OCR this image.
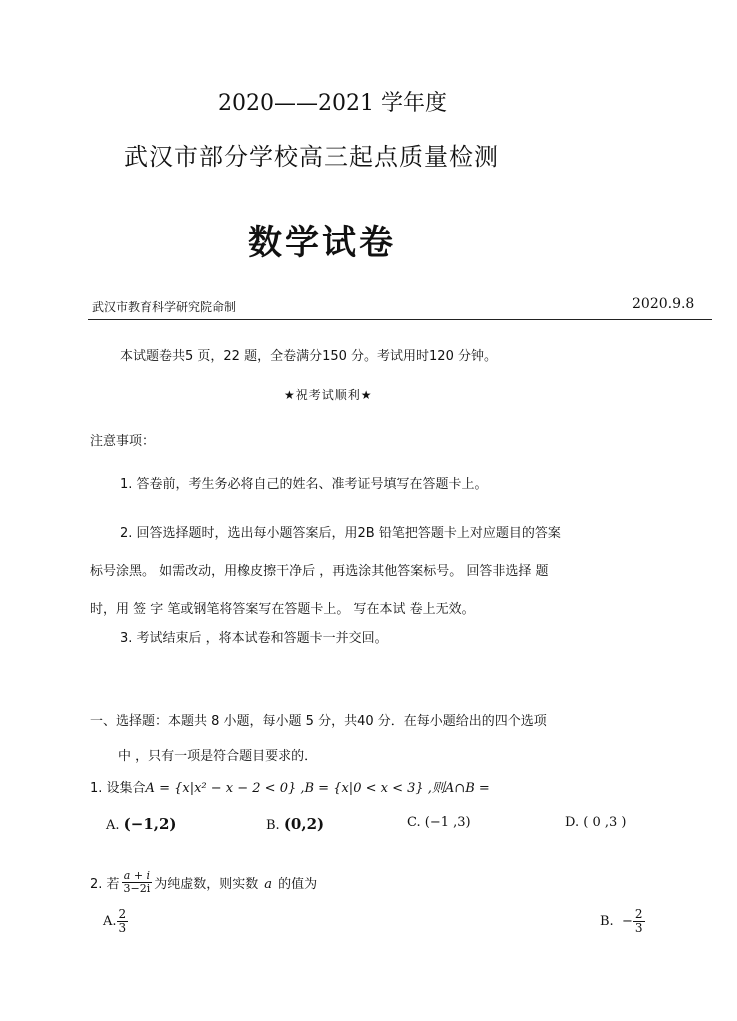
2020——2021 学年度
武汉市部分学校高三起点质量检测
数学试卷
武汉市教育科学研究院命制	2020.9.8
本试题卷共5 页，22 题，全卷满分150 分。考试用时120 分钟。
★祝考试顺利★
注意事项：
1. 答卷前，考生务必将自己的姓名、准考证号填写在答题卡上。
2. 回答选择题时，选出每小题答案后，用2B 铅笔把答题卡上对应题目的答案
标号涂黑。 如需改动，用橡皮擦干净后 ，再选涂其他答案标号。 回答非选择 题
时，用 签 字 笔或钢笔将答案写在答题卡上。 写在本试 卷上无效。
3. 考试结束后 ，将本试卷和答题卡一并交回。
一、选择题：本题共 8 小题，每小题 5 分，共40 分．在每小题给出的四个选项
中 ，只有一项是符合题目要求的．
1. 设集合A = {x|x² − x − 2 < 0} ,B = {x|0 < x < 3} ,则A∩B =
A. (−1,2)	B. (0,2)	C. (−1 ,3)	D. ( 0 ,3 )
2. 若 $\frac{a + i}{3-2i}$ 为纯虚数，则实数 a 的值为
A. $\frac{2}{3}$	B. − $\frac{2}{3}$
